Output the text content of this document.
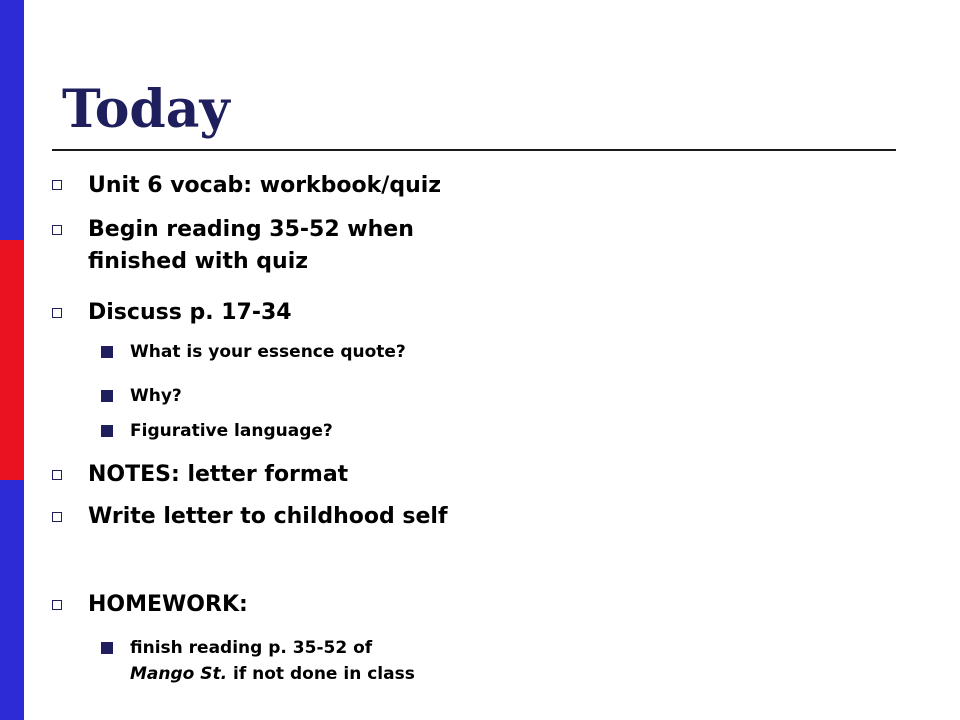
Today
Unit 6 vocab: workbook/quiz
Begin reading 35-52 when
finished with quiz
Discuss p. 17-34
What is your essence quote?
Why?
Figurative language?
NOTES: letter format
Write letter to childhood self
HOMEWORK:
finish reading p. 35-52 of
Mango St. if not done in class
